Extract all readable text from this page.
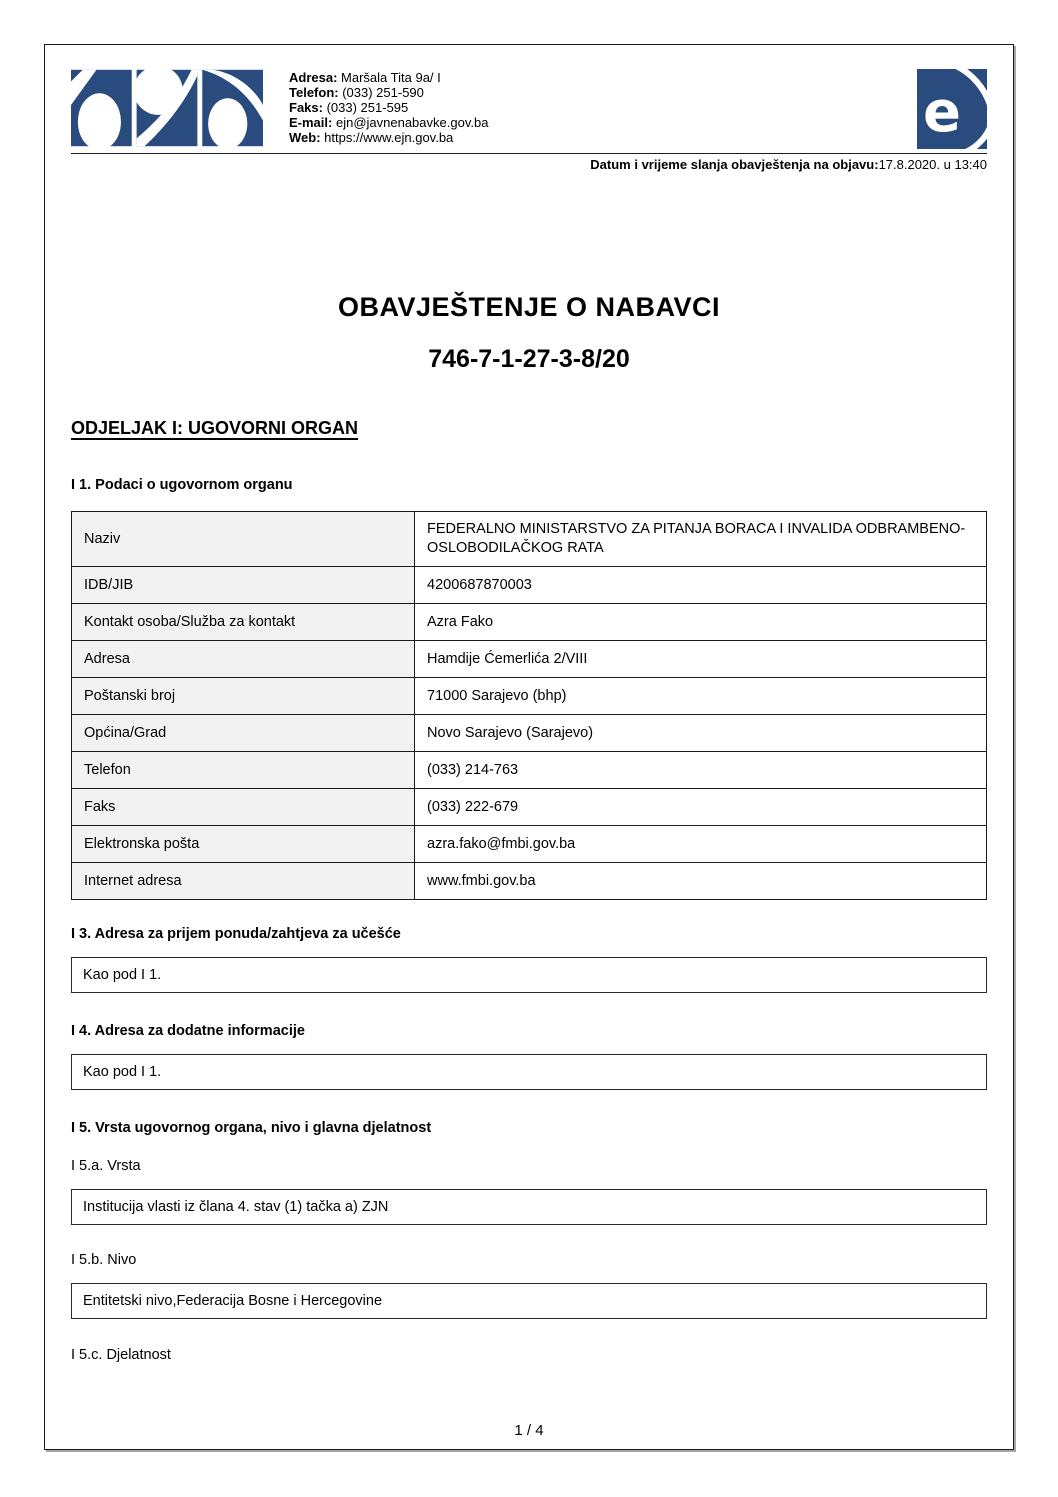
Adresa: Maršala Tita 9a/ I
Telefon: (033) 251-590
Faks: (033) 251-595
E-mail: ejn@javnenabavke.gov.ba
Web: https://www.ejn.gov.ba	e
Datum i vrijeme slanja obavještenja na objavu:17.8.2020. u 13:40
OBAVJEŠTENJE O NABAVCI
746-7-1-27-3-8/20
ODJELJAK I: UGOVORNI ORGAN
I 1. Podaci o ugovornom organu
Naziv	FEDERALNO MINISTARSTVO ZA PITANJA BORACA I INVALIDA ODBRAMBENO-OSLOBODILAČKOG RATA
IDB/JIB	4200687870003
Kontakt osoba/Služba za kontakt	Azra Fako
Adresa	Hamdije Ćemerlića 2/VIII
Poštanski broj	71000 Sarajevo (bhp)
Općina/Grad	Novo Sarajevo (Sarajevo)
Telefon	(033) 214-763
Faks	(033) 222-679
Elektronska pošta	azra.fako@fmbi.gov.ba
Internet adresa	www.fmbi.gov.ba
I 3. Adresa za prijem ponuda/zahtjeva za učešće
Kao pod I 1.
I 4. Adresa za dodatne informacije
Kao pod I 1.
I 5. Vrsta ugovornog organa, nivo i glavna djelatnost
I 5.a. Vrsta
Institucija vlasti iz člana 4. stav (1) tačka a) ZJN
I 5.b. Nivo
Entitetski nivo,Federacija Bosne i Hercegovine
I 5.c. Djelatnost
1 / 4
